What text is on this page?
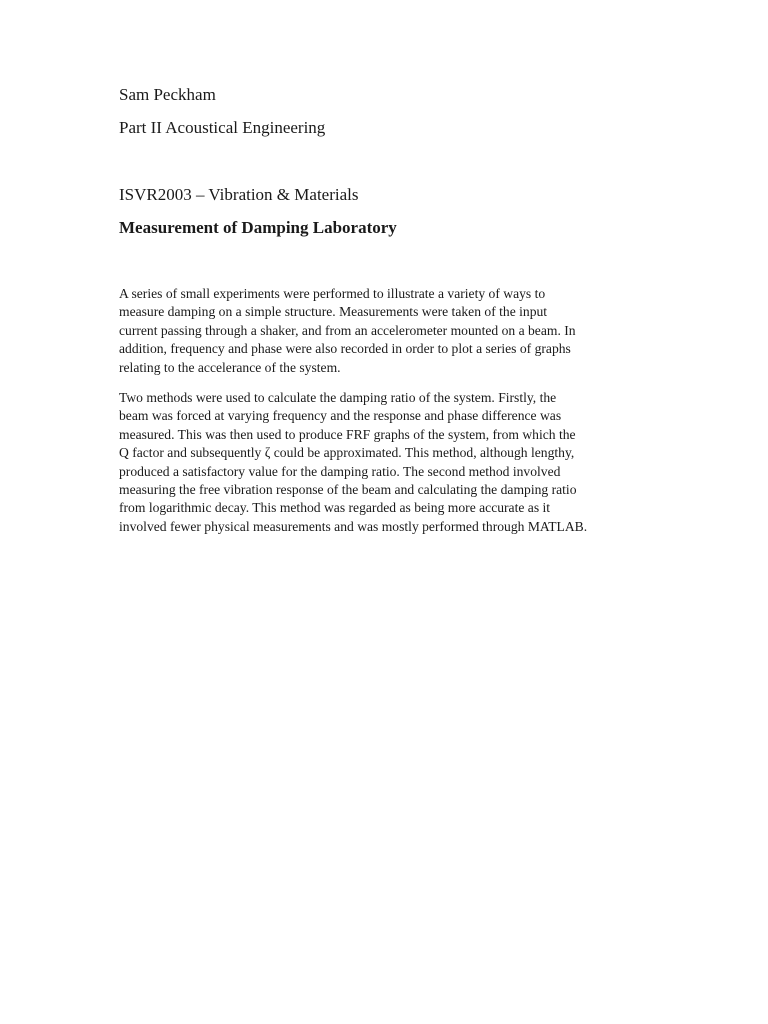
Sam Peckham
Part II Acoustical Engineering
ISVR2003 – Vibration & Materials
Measurement of Damping Laboratory

A series of small experiments were performed to illustrate a variety of ways to
measure damping on a simple structure. Measurements were taken of the input
current passing through a shaker, and from an accelerometer mounted on a beam. In
addition, frequency and phase were also recorded in order to plot a series of graphs
relating to the accelerance of the system.

Two methods were used to calculate the damping ratio of the system. Firstly, the
beam was forced at varying frequency and the response and phase difference was
measured. This was then used to produce FRF graphs of the system, from which the
Q factor and subsequently ζ could be approximated. This method, although lengthy,
produced a satisfactory value for the damping ratio. The second method involved
measuring the free vibration response of the beam and calculating the damping ratio
from logarithmic decay. This method was regarded as being more accurate as it
involved fewer physical measurements and was mostly performed through MATLAB.
